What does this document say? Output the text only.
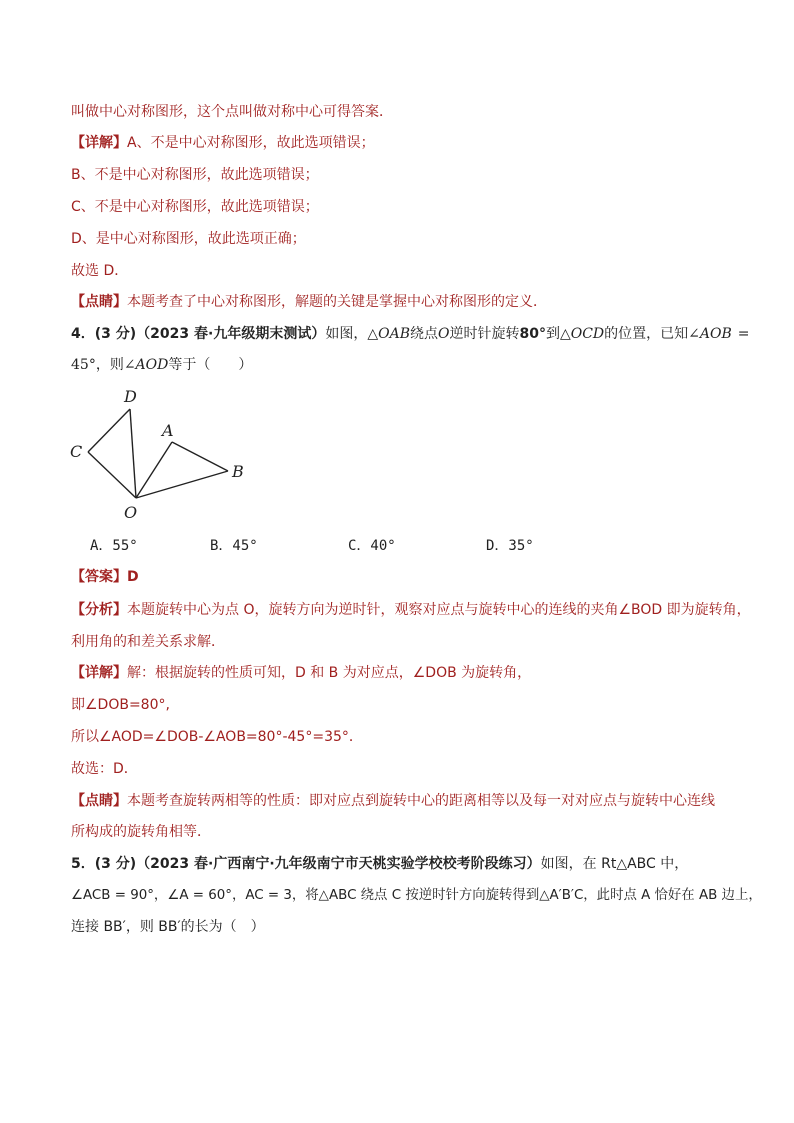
叫做中心对称图形，这个点叫做对称中心可得答案．
【详解】A、不是中心对称图形，故此选项错误；
B、不是中心对称图形，故此选项错误；
C、不是中心对称图形，故此选项错误；
D、是中心对称图形，故此选项正确；
故选 D．
【点睛】本题考查了中心对称图形，解题的关键是掌握中心对称图形的定义．
4．(3 分)（2023 春·九年级期末测试）如图，△OAB绕点O逆时针旋转80°到△OCD的位置，已知∠AOB =
45°，则∠AOD等于（　　）
D
A
C
B
O
A．55°	B．45°	C．40°	D．35°
【答案】D
【分析】本题旋转中心为点 O，旋转方向为逆时针，观察对应点与旋转中心的连线的夹角∠BOD 即为旋转角，
利用角的和差关系求解．
【详解】解：根据旋转的性质可知，D 和 B 为对应点，∠DOB 为旋转角，
即∠DOB=80°,
所以∠AOD=∠DOB-∠AOB=80°-45°=35°．
故选：D．
【点睛】本题考查旋转两相等的性质：即对应点到旋转中心的距离相等以及每一对对应点与旋转中心连线
所构成的旋转角相等．
5．(3 分)（2023 春·广西南宁·九年级南宁市天桃实验学校校考阶段练习）如图，在 Rt△ABC 中，
∠ACB = 90°，∠A = 60°，AC = 3，将△ABC 绕点 C 按逆时针方向旋转得到△A′B′C，此时点 A 恰好在 AB 边上，
连接 BB′，则 BB′的长为（　）
